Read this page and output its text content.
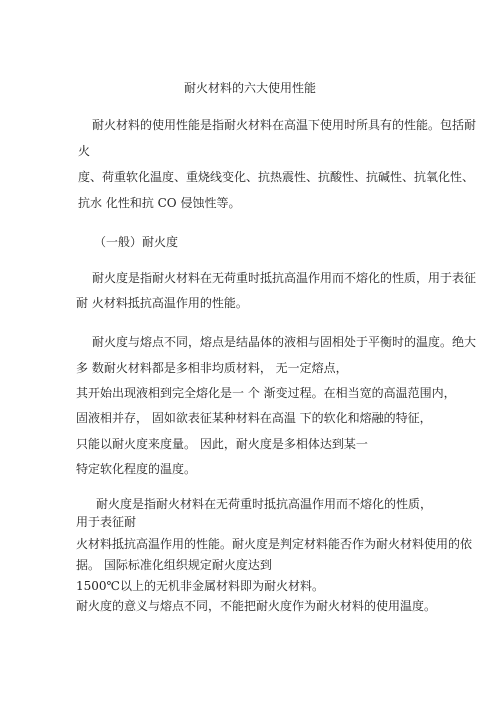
耐火材料的六大使用性能
耐火材料的使用性能是指耐火材料在高温下使用时所具有的性能。包括耐
火
度、荷重软化温度、重烧线变化、抗热震性、抗酸性、抗碱性、抗氧化性、
抗水 化性和抗 CO 侵蚀性等。
（一般）耐火度
耐火度是指耐火材料在无荷重时抵抗高温作用而不熔化的性质，用于表征
耐 火材料抵抗高温作用的性能。
耐火度与熔点不同，熔点是结晶体的液相与固相处于平衡时的温度。绝大
多 数耐火材料都是多相非均质材料， 无一定熔点，
其开始出现液相到完全熔化是一 个 渐变过程。在相当宽的高温范围内，
固液相并存， 固如欲表征某种材料在高温 下的软化和熔融的特征，
只能以耐火度来度量。 因此，耐火度是多相体达到某一
特定软化程度的温度。
耐火度是指耐火材料在无荷重时抵抗高温作用而不熔化的性质，
用于表征耐
火材料抵抗高温作用的性能。耐火度是判定材料能否作为耐火材料使用的依
据。 国际标准化组织规定耐火度达到
1500℃以上的无机非金属材料即为耐火材料。
耐火度的意义与熔点不同，不能把耐火度作为耐火材料的使用温度。
